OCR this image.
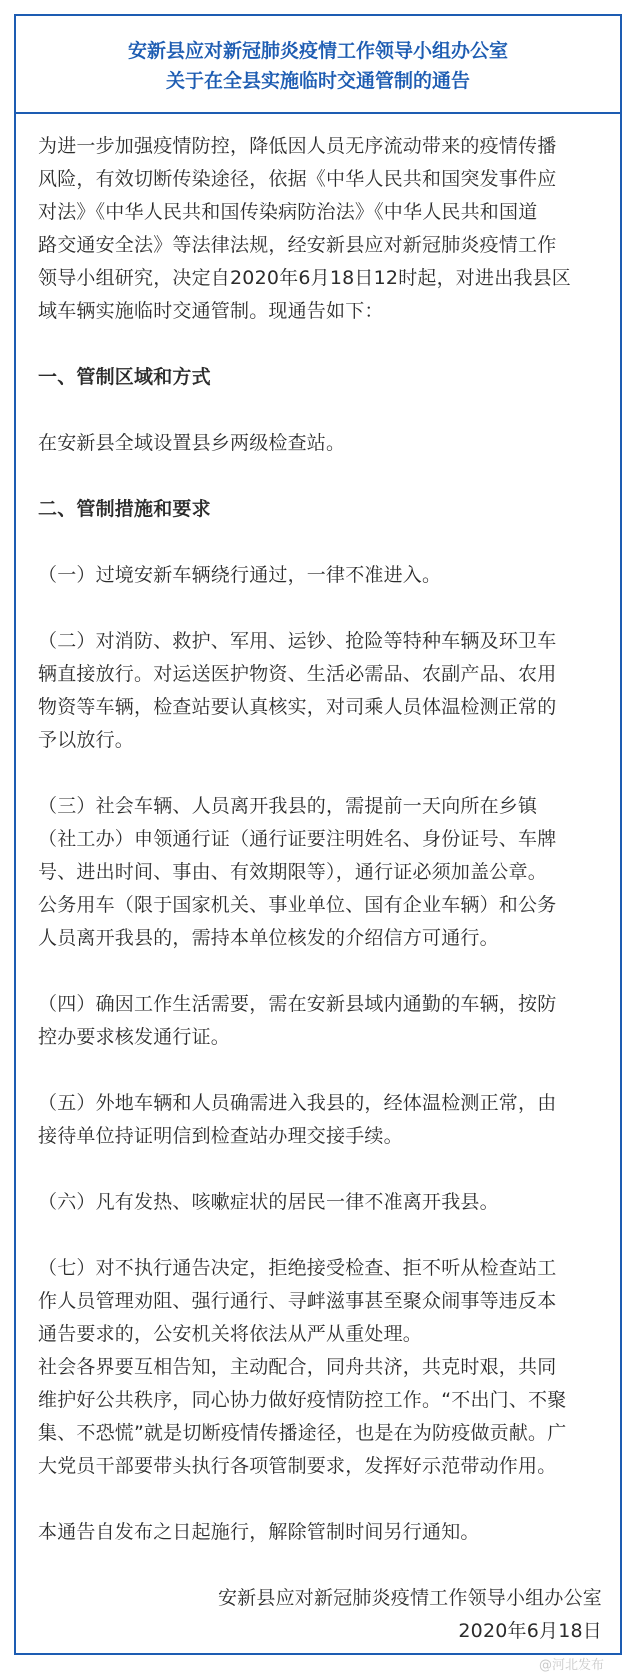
安新县应对新冠肺炎疫情工作领导小组办公室
关于在全县实施临时交通管制的通告

为进一步加强疫情防控，降低因人员无序流动带来的疫情传播

风险，有效切断传染途径，依据《中华人民共和国突发事件应

对法》《中华人民共和国传染病防治法》《中华人民共和国道

路交通安全法》等法律法规，经安新县应对新冠肺炎疫情工作

领导小组研究，决定自2020年6月18日12时起，对进出我县区

域车辆实施临时交通管制。现通告如下：

一、管制区域和方式

在安新县全域设置县乡两级检查站。

二、管制措施和要求

（一）过境安新车辆绕行通过，一律不准进入。

（二）对消防、救护、军用、运钞、抢险等特种车辆及环卫车

辆直接放行。对运送医护物资、生活必需品、农副产品、农用

物资等车辆，检查站要认真核实，对司乘人员体温检测正常的

予以放行。

（三）社会车辆、人员离开我县的，需提前一天向所在乡镇

（社工办）申领通行证（通行证要注明姓名、身份证号、车牌

号、进出时间、事由、有效期限等），通行证必须加盖公章。

公务用车（限于国家机关、事业单位、国有企业车辆）和公务

人员离开我县的，需持本单位核发的介绍信方可通行。

（四）确因工作生活需要，需在安新县域内通勤的车辆，按防

控办要求核发通行证。

（五）外地车辆和人员确需进入我县的，经体温检测正常，由

接待单位持证明信到检查站办理交接手续。

（六）凡有发热、咳嗽症状的居民一律不准离开我县。

（七）对不执行通告决定，拒绝接受检查、拒不听从检查站工

作人员管理劝阻、强行通行、寻衅滋事甚至聚众闹事等违反本

通告要求的，公安机关将依法从严从重处理。

社会各界要互相告知，主动配合，同舟共济，共克时艰，共同

维护好公共秩序，同心协力做好疫情防控工作。“不出门、不聚

集、不恐慌”就是切断疫情传播途径，也是在为防疫做贡献。广

大党员干部要带头执行各项管制要求，发挥好示范带动作用。

本通告自发布之日起施行，解除管制时间另行通知。

安新县应对新冠肺炎疫情工作领导小组办公室

2020年6月18日

@河北发布
